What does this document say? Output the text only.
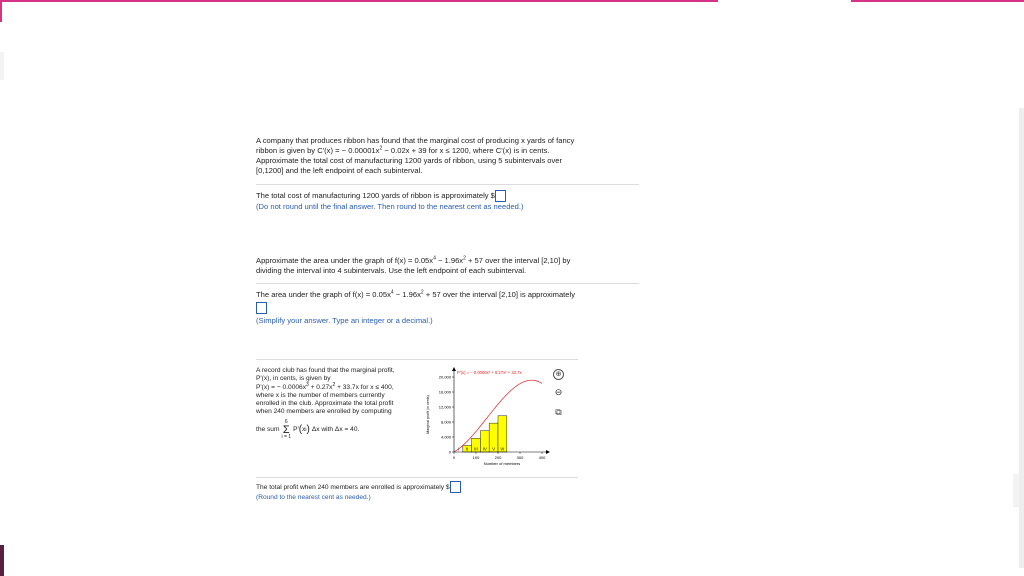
A company that produces ribbon has found that the marginal cost of producing x yards of fancy

ribbon is given by C'(x) = − $0.00001x^2 - 0.02x + 39$ for x ≤ 1200, where C'(x) is in cents.

Approximate the total cost of manufacturing 1200 yards of ribbon, using 5 subintervals over

[0,1200] and the left endpoint of each subinterval.

The total cost of manufacturing 1200 yards of ribbon is approximately $

(Do not round until the final answer. Then round to the nearest cent as needed.)

Approximate the area under the graph of $f(x) = 0.05x^4 - 1.96x^2 + 57$ over the interval [2,10] by

dividing the interval into 4 subintervals. Use the left endpoint of each subinterval.

The area under the graph of $f(x) = 0.05x^4 - 1.96x^2 + 57$ over the interval [2,10] is approximately

(Simplify your answer. Type an integer or a decimal.)

A record club has found that the marginal profit,

P'(x), in cents, is given by

P'(x) = − $0.0006x^3 + 0.27x^2 + 33.7x$ for x ≤ 400,

where x is the number of members currently

enrolled in the club. Approximate the total profit

when 240 members are enrolled by computing

the sum
6
Σ
i = 1
P' ( x i ) Δx with Δx = 40.
I II III IV V VI
0
4,000
8,000
12,000
16,000
20,000
0	100	200	300	400
Number of members
Marginal profit (in cents)
P'(x) = − 0.0006x³ + 0.27x² + 33.7x	⊕
⊖
⧉

The total profit when 240 members are enrolled is approximately $

(Round to the nearest cent as needed.)
